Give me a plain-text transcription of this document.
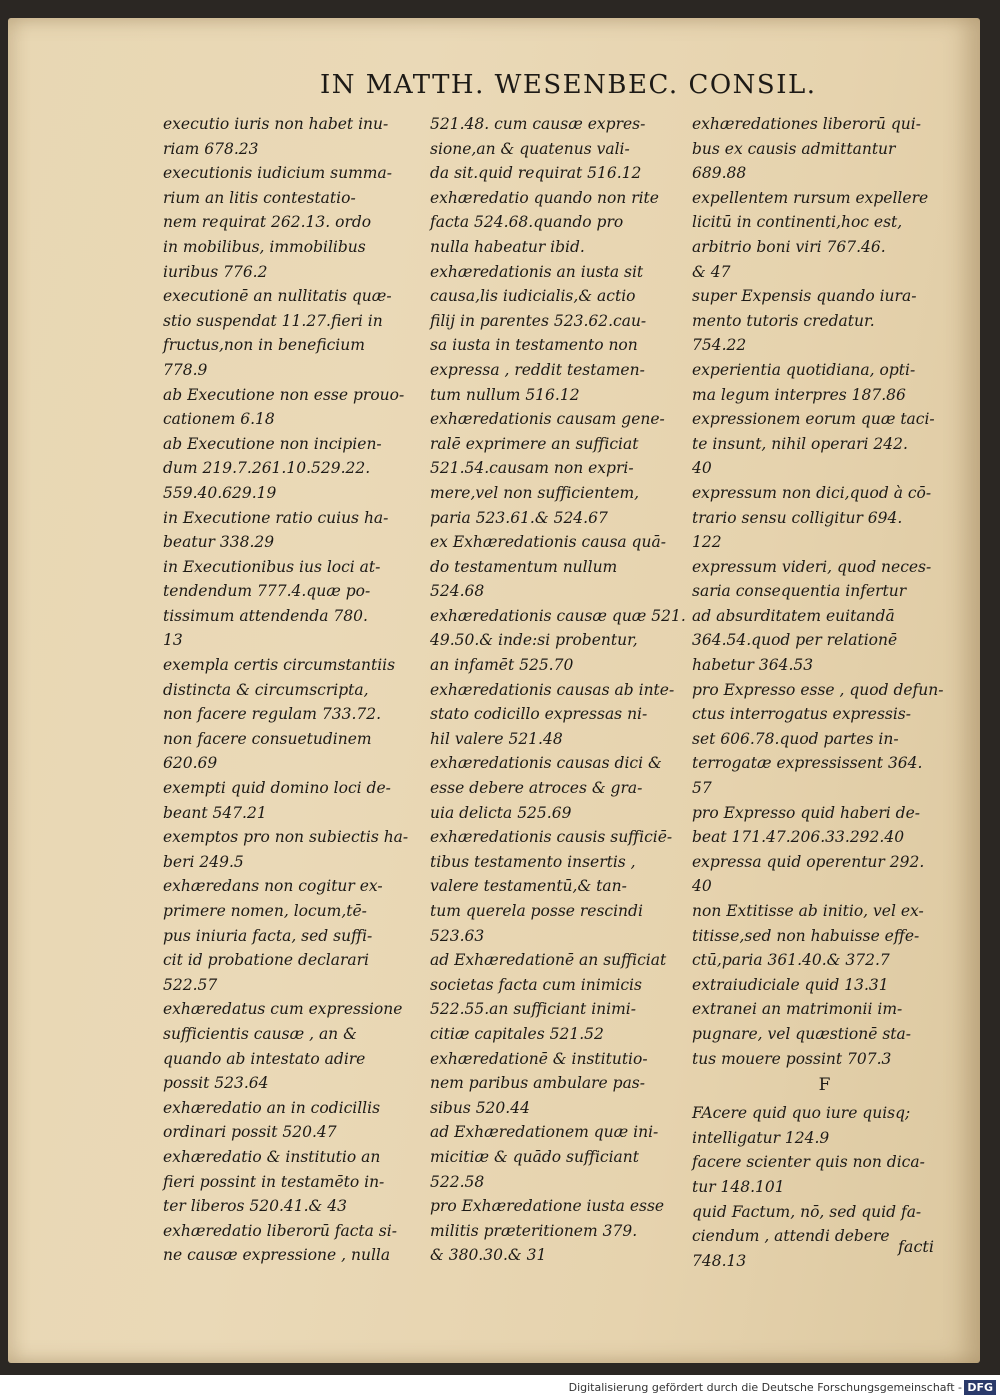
IN MATTH. WESENBEC. CONSIL.
executio iuris non habet inu-
riam 678.23
executionis iudicium summa-
rium an litis contestatio-
nem requirat 262.13. ordo
in mobilibus, immobilibus
iuribus 776.2
executionē an nullitatis quæ-
stio suspendat 11.27.fieri in
fructus,non in beneficium
778.9
ab Executione non esse prouo-
cationem 6.18
ab Executione non incipien-
dum 219.7.261.10.529.22.
559.40.629.19
in Executione ratio cuius ha-
beatur 338.29
in Executionibus ius loci at-
tendendum 777.4.quæ po-
tissimum attendenda 780.
13
exempla certis circumstantiis
distincta & circumscripta,
non facere regulam 733.72.
non facere consuetudinem
620.69
exempti quid domino loci de-
beant 547.21
exemptos pro non subiectis ha-
beri 249.5
exhæredans non cogitur ex-
primere nomen, locum,tē-
pus iniuria facta, sed suffi-
cit id probatione declarari
522.57
exhæredatus cum expressione
sufficientis causæ , an &
quando ab intestato adire
possit 523.64
exhæredatio an in codicillis
ordinari possit 520.47
exhæredatio & institutio an
fieri possint in testamēto in-
ter liberos 520.41.& 43
exhæredatio liberorū facta si-
ne causæ expressione , nulla
521.48. cum causæ expres-
sione,an & quatenus vali-
da sit.quid requirat 516.12
exhæredatio quando non rite
facta 524.68.quando pro
nulla habeatur ibid.
exhæredationis an iusta sit
causa,lis iudicialis,& actio
filij in parentes 523.62.cau-
sa iusta in testamento non
expressa , reddit testamen-
tum nullum 516.12
exhæredationis causam gene-
ralē exprimere an sufficiat
521.54.causam non expri-
mere,vel non sufficientem,
paria 523.61.& 524.67
ex Exhæredationis causa quā-
do testamentum nullum
524.68
exhæredationis causæ quæ 521.
49.50.& inde:si probentur,
an infamēt 525.70
exhæredationis causas ab inte-
stato codicillo expressas ni-
hil valere 521.48
exhæredationis causas dici &
esse debere atroces & gra-
uia delicta 525.69
exhæredationis causis sufficiē-
tibus testamento insertis ,
valere testamentū,& tan-
tum querela posse rescindi
523.63
ad Exhæredationē an sufficiat
societas facta cum inimicis
522.55.an sufficiant inimi-
citiæ capitales 521.52
exhæredationē & institutio-
nem paribus ambulare pas-
sibus 520.44
ad Exhæredationem quæ ini-
micitiæ & quādo sufficiant
522.58
pro Exhæredatione iusta esse
militis præteritionem 379.
& 380.30.& 31
exhæredationes liberorū qui-
bus ex causis admittantur
689.88
expellentem rursum expellere
licitū in continenti,hoc est,
arbitrio boni viri 767.46.
& 47
super Expensis quando iura-
mento tutoris credatur.
754.22
experientia quotidiana, opti-
ma legum interpres 187.86
expressionem eorum quæ taci-
te insunt, nihil operari 242.
40
expressum non dici,quod à cō-
trario sensu colligitur 694.
122
expressum videri, quod neces-
saria consequentia infertur
ad absurditatem euitandā
364.54.quod per relationē
habetur 364.53
pro Expresso esse , quod defun-
ctus interrogatus expressis-
set 606.78.quod partes in-
terrogatæ expressissent 364.
57
pro Expresso quid haberi de-
beat 171.47.206.33.292.40
expressa quid operentur 292.
40
non Extitisse ab initio, vel ex-
titisse,sed non habuisse effe-
ctū,paria 361.40.& 372.7
extraiudiciale quid 13.31
extranei an matrimonii im-
pugnare, vel quæstionē sta-
tus mouere possint 707.3
F
FAcere quid quo iure quisq;
intelligatur 124.9
facere scienter quis non dica-
tur 148.101
quid Factum, nō, sed quid fa-
ciendum , attendi debere
748.13
facti
Digitalisierung gefördert durch die Deutsche Forschungsgemeinschaft - DFG
